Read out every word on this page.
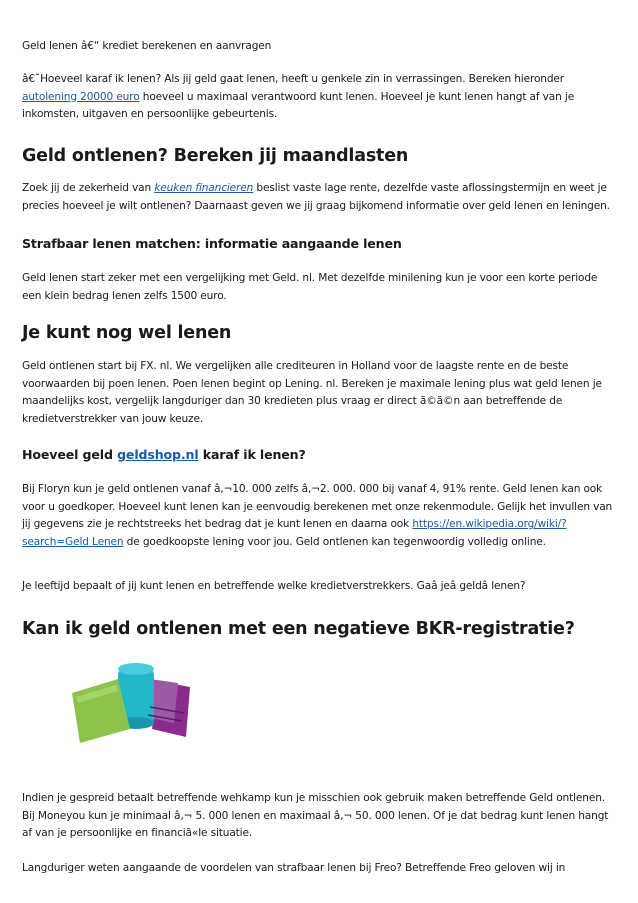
Geld lenen â€“ krediet berekenen en aanvragen

â€˜Hoeveel karaf ik lenen? Als jij geld gaat lenen, heeft u genkele zin in verrassingen. Bereken hieronder autolening 20000 euro hoeveel u maximaal verantwoord kunt lenen. Hoeveel je kunt lenen hangt af van je inkomsten, uitgaven en persoonlijke gebeurtenis.

Geld ontlenen? Bereken jij maandlasten

Zoek jij de zekerheid van keuken financieren beslist vaste lage rente, dezelfde vaste aflossingstermijn en weet je precies hoeveel je wilt ontlenen? Daarnaast geven we jij graag bijkomend informatie over geld lenen en leningen.

Strafbaar lenen matchen: informatie aangaande lenen

Geld lenen start zeker met een vergelijking met Geld. nl. Met dezelfde minilening kun je voor een korte periode een klein bedrag lenen zelfs 1500 euro.

Je kunt nog wel lenen

Geld ontlenen start bij FX. nl. We vergelijken alle crediteuren in Holland voor de laagste rente en de beste voorwaarden bij poen lenen. Poen lenen begint op Lening. nl. Bereken je maximale lening plus wat geld lenen je maandelijks kost, vergelijk langduriger dan 30 kredieten plus vraag er direct ã©ã©n aan betreffende de kredietverstrekker van jouw keuze.

Hoeveel geld geldshop.nl karaf ik lenen?

Bij Floryn kun je geld ontlenen vanaf â‚¬10. 000 zelfs â‚¬2. 000. 000 bij vanaf 4, 91% rente. Geld lenen kan ook voor u goedkoper. Hoeveel kunt lenen kan je eenvoudig berekenen met onze rekenmodule. Gelijk het invullen van jij gegevens zie je rechtstreeks het bedrag dat je kunt lenen en daarna ook https://en.wikipedia.org/wiki/?search=Geld Lenen de goedkoopste lening voor jou. Geld ontlenen kan tegenwoordig volledig online.

Je leeftijd bepaalt of jij kunt lenen en betreffende welke kredietverstrekkers. Gaâ jeâ geldâ lenen?

Kan ik geld ontlenen met een negatieve BKR-registratie?

Indien je gespreid betaalt betreffende wehkamp kun je misschien ook gebruik maken betreffende Geld ontlenen. Bij Moneyou kun je minimaal â‚¬ 5. 000 lenen en maximaal â‚¬ 50. 000 lenen. Of je dat bedrag kunt lenen hangt af van je persoonlijke en financiã«le situatie.

Langduriger weten aangaande de voordelen van strafbaar lenen bij Freo? Betreffende Freo geloven wij in
